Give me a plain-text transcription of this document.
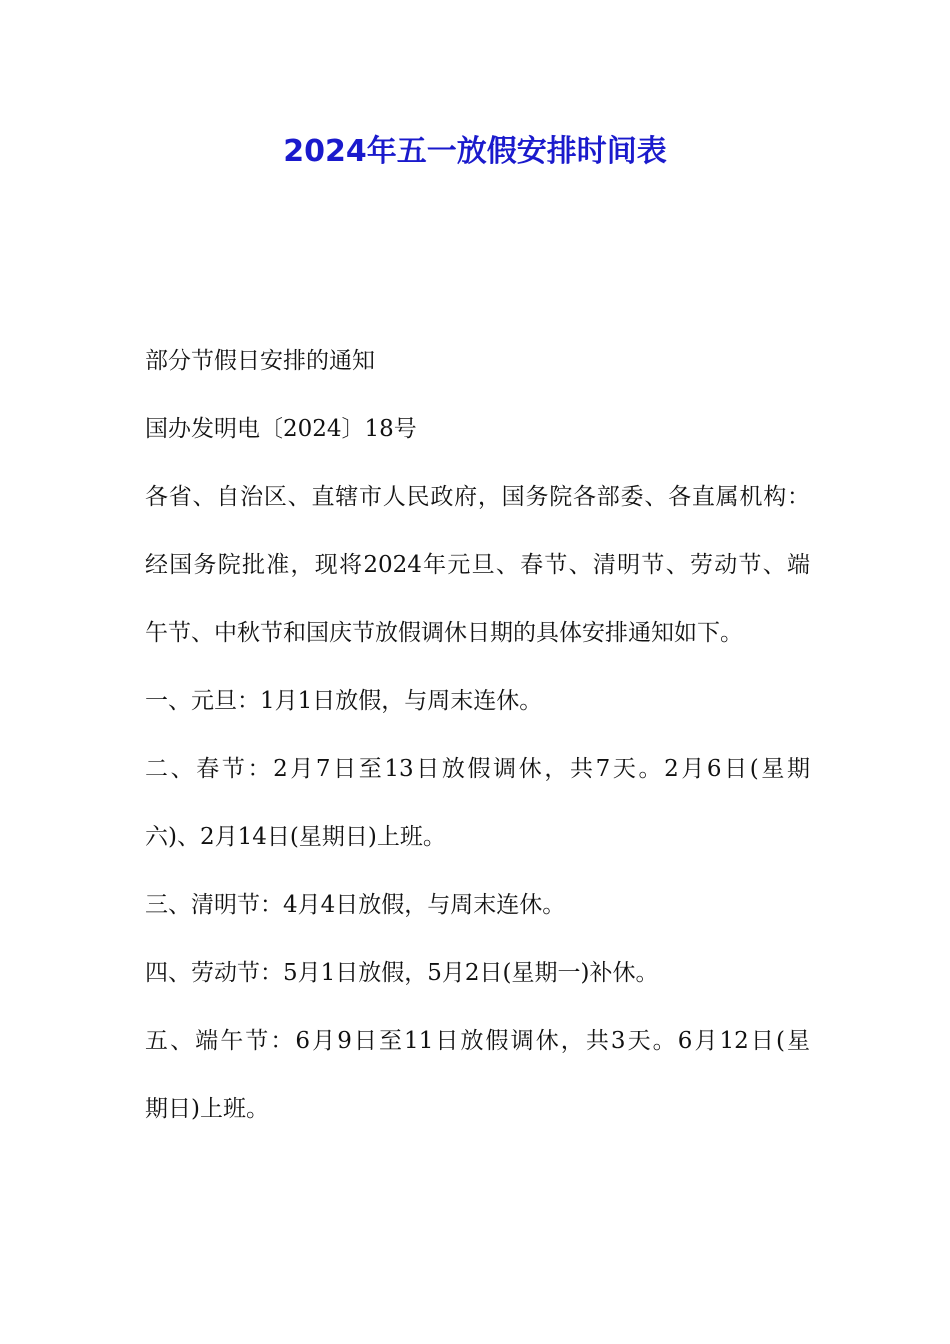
2024年五一放假安排时间表
部分节假日安排的通知
国办发明电〔2024〕18号
各省、自治区、直辖市人民政府，国务院各部委、各直属机构：
经国务院批准，现将2024年元旦、春节、清明节、劳动节、端
午节、中秋节和国庆节放假调休日期的具体安排通知如下。
一、元旦：1月1日放假，与周末连休。
二、春节：2月7日至13日放假调休，共7天。2月6日(星期
六)、2月14日(星期日)上班。
三、清明节：4月4日放假，与周末连休。
四、劳动节：5月1日放假，5月2日(星期一)补休。
五、端午节：6月9日至11日放假调休，共3天。6月12日(星
期日)上班。
